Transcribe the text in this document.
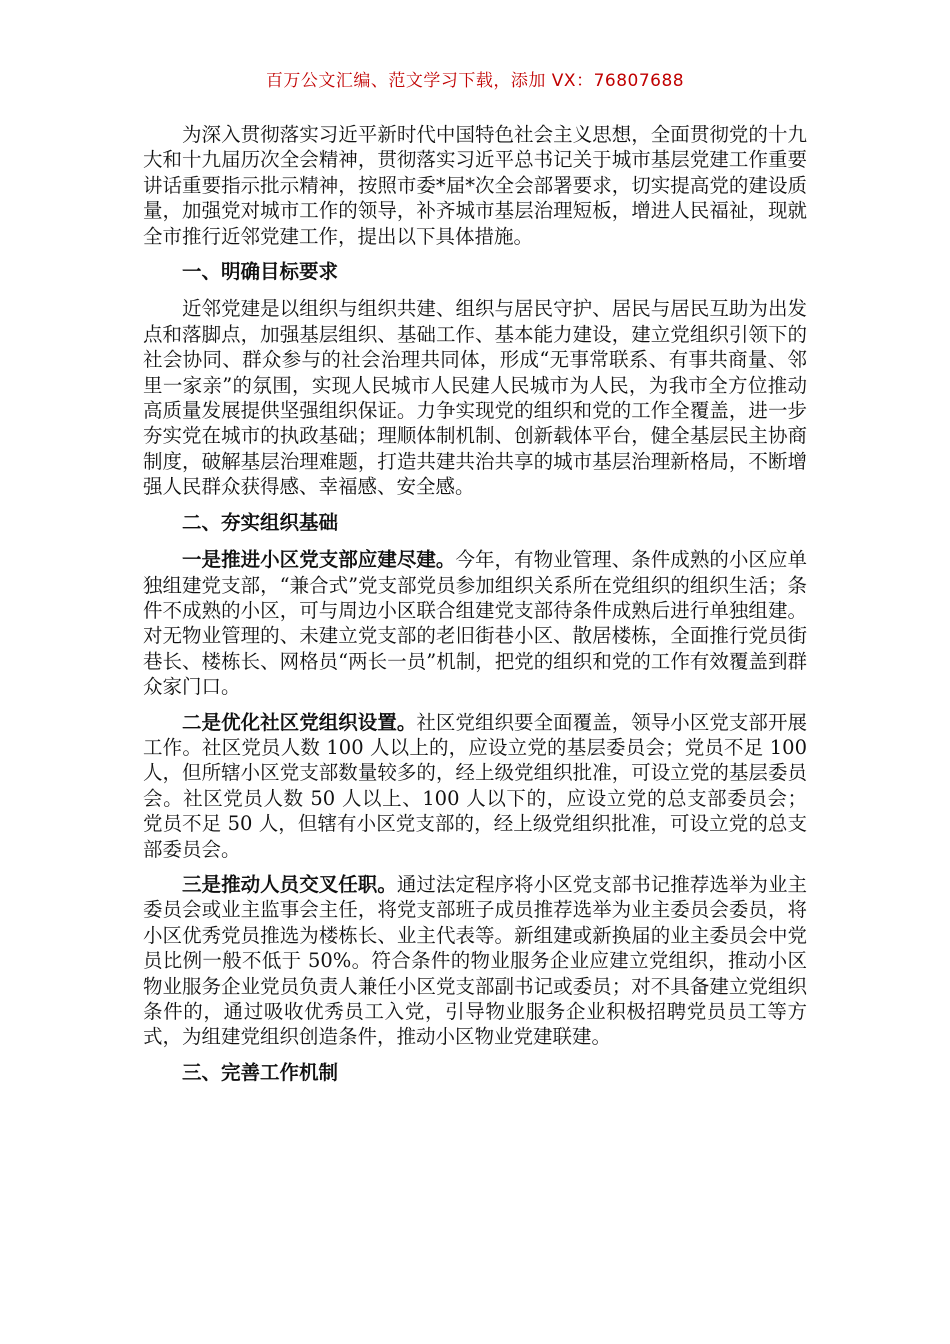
百万公文汇编、范文学习下载，添加 VX：76807688

为深入贯彻落实习近平新时代中国特色社会主义思想，全面贯彻党的十九大和十九届历次全会精神，贯彻落实习近平总书记关于城市基层党建工作重要讲话重要指示批示精神，按照市委*届*次全会部署要求，切实提高党的建设质量，加强党对城市工作的领导，补齐城市基层治理短板，增进人民福祉，现就全市推行近邻党建工作，提出以下具体措施。

一、明确目标要求

近邻党建是以组织与组织共建、组织与居民守护、居民与居民互助为出发点和落脚点，加强基层组织、基础工作、基本能力建设，建立党组织引领下的社会协同、群众参与的社会治理共同体，形成“无事常联系、有事共商量、邻里一家亲”的氛围，实现人民城市人民建人民城市为人民，为我市全方位推动高质量发展提供坚强组织保证。力争实现党的组织和党的工作全覆盖，进一步夯实党在城市的执政基础；理顺体制机制、创新载体平台，健全基层民主协商制度，破解基层治理难题，打造共建共治共享的城市基层治理新格局，不断增强人民群众获得感、幸福感、安全感。

二、夯实组织基础

一是推进小区党支部应建尽建。今年，有物业管理、条件成熟的小区应单独组建党支部，“兼合式”党支部党员参加组织关系所在党组织的组织生活；条件不成熟的小区，可与周边小区联合组建党支部待条件成熟后进行单独组建。对无物业管理的、未建立党支部的老旧街巷小区、散居楼栋，全面推行党员街巷长、楼栋长、网格员“两长一员”机制，把党的组织和党的工作有效覆盖到群众家门口。

二是优化社区党组织设置。社区党组织要全面覆盖，领导小区党支部开展工作。社区党员人数 100 人以上的，应设立党的基层委员会；党员不足 100 人，但所辖小区党支部数量较多的，经上级党组织批准，可设立党的基层委员会。社区党员人数 50 人以上、100 人以下的，应设立党的总支部委员会；党员不足 50 人，但辖有小区党支部的，经上级党组织批准，可设立党的总支部委员会。

三是推动人员交叉任职。通过法定程序将小区党支部书记推荐选举为业主委员会或业主监事会主任，将党支部班子成员推荐选举为业主委员会委员，将小区优秀党员推选为楼栋长、业主代表等。新组建或新换届的业主委员会中党员比例一般不低于 50%。符合条件的物业服务企业应建立党组织，推动小区物业服务企业党员负责人兼任小区党支部副书记或委员；对不具备建立党组织条件的，通过吸收优秀员工入党，引导物业服务企业积极招聘党员员工等方式，为组建党组织创造条件，推动小区物业党建联建。

三、完善工作机制
